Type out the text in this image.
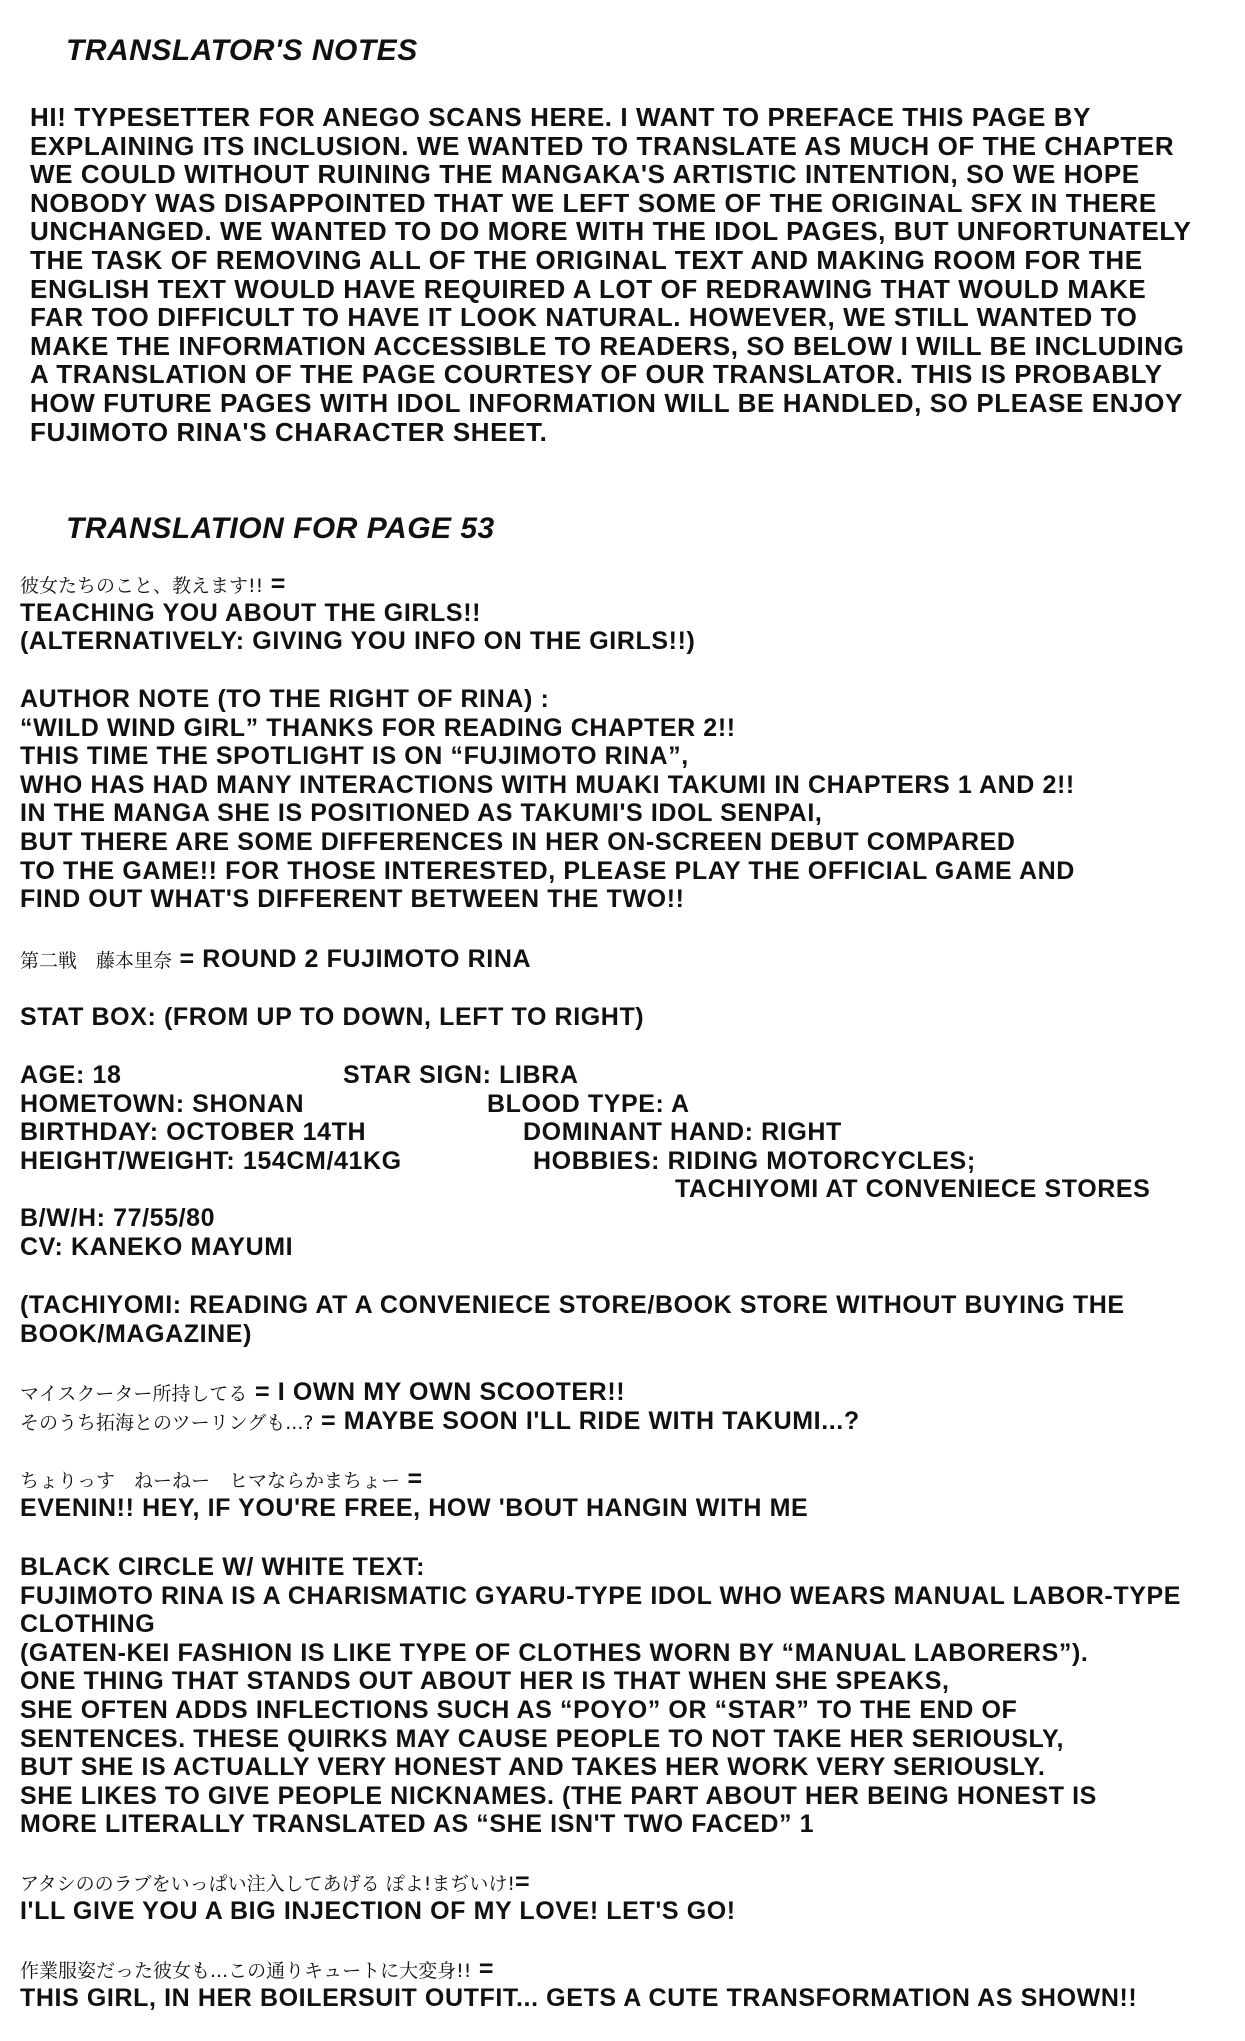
TRANSLATOR'S NOTES
HI! TYPESETTER FOR ANEGO SCANS HERE. I WANT TO PREFACE THIS PAGE BY
EXPLAINING ITS INCLUSION. WE WANTED TO TRANSLATE AS MUCH OF THE CHAPTER
WE COULD WITHOUT RUINING THE MANGAKA'S ARTISTIC INTENTION, SO WE HOPE
NOBODY WAS DISAPPOINTED THAT WE LEFT SOME OF THE ORIGINAL SFX IN THERE
UNCHANGED. WE WANTED TO DO MORE WITH THE IDOL PAGES, BUT UNFORTUNATELY
THE TASK OF REMOVING ALL OF THE ORIGINAL TEXT AND MAKING ROOM FOR THE
ENGLISH TEXT WOULD HAVE REQUIRED A LOT OF REDRAWING THAT WOULD MAKE
FAR TOO DIFFICULT TO HAVE IT LOOK NATURAL. HOWEVER, WE STILL WANTED TO
MAKE THE INFORMATION ACCESSIBLE TO READERS, SO BELOW I WILL BE INCLUDING
A TRANSLATION OF THE PAGE COURTESY OF OUR TRANSLATOR. THIS IS PROBABLY
HOW FUTURE PAGES WITH IDOL INFORMATION WILL BE HANDLED, SO PLEASE ENJOY
FUJIMOTO RINA'S CHARACTER SHEET.
TRANSLATION FOR PAGE 53
彼女たちのこと、教えます!! =
TEACHING YOU ABOUT THE GIRLS!!
(ALTERNATIVELY: GIVING YOU INFO ON THE GIRLS!!)
AUTHOR NOTE (TO THE RIGHT OF RINA) :
“WILD WIND GIRL” THANKS FOR READING CHAPTER 2!!
THIS TIME THE SPOTLIGHT IS ON “FUJIMOTO RINA”,
WHO HAS HAD MANY INTERACTIONS WITH MUAKI TAKUMI IN CHAPTERS 1 AND 2!!
IN THE MANGA SHE IS POSITIONED AS TAKUMI'S IDOL SENPAI,
BUT THERE ARE SOME DIFFERENCES IN HER ON-SCREEN DEBUT COMPARED
TO THE GAME!! FOR THOSE INTERESTED, PLEASE PLAY THE OFFICIAL GAME AND
FIND OUT WHAT'S DIFFERENT BETWEEN THE TWO!!
第二戦　藤本里奈 = ROUND 2 FUJIMOTO RINA
STAT BOX: (FROM UP TO DOWN, LEFT TO RIGHT)
AGE: 18
HOMETOWN: SHONAN
BIRTHDAY: OCTOBER 14TH
HEIGHT/WEIGHT: 154CM/41KG
STAR SIGN: LIBRA
BLOOD TYPE: A
DOMINANT HAND: RIGHT
HOBBIES: RIDING MOTORCYCLES;
TACHIYOMI AT CONVENIECE STORES
B/W/H: 77/55/80
CV: KANEKO MAYUMI
(TACHIYOMI: READING AT A CONVENIECE STORE/BOOK STORE WITHOUT BUYING THE
BOOK/MAGAZINE)
マイスクーター所持してる = I OWN MY OWN SCOOTER!!
そのうち拓海とのツーリングも...? = MAYBE SOON I'LL RIDE WITH TAKUMI...?
ちょりっす　ねーねー　ヒマならかまちょー =
EVENIN!! HEY, IF YOU'RE FREE, HOW 'BOUT HANGIN WITH ME
BLACK CIRCLE W/ WHITE TEXT:
FUJIMOTO RINA IS A CHARISMATIC GYARU-TYPE IDOL WHO WEARS MANUAL LABOR-TYPE
CLOTHING
(GATEN-KEI FASHION IS LIKE TYPE OF CLOTHES WORN BY “MANUAL LABORERS”).
ONE THING THAT STANDS OUT ABOUT HER IS THAT WHEN SHE SPEAKS,
SHE OFTEN ADDS INFLECTIONS SUCH AS “POYO” OR “STAR” TO THE END OF
SENTENCES. THESE QUIRKS MAY CAUSE PEOPLE TO NOT TAKE HER SERIOUSLY,
BUT SHE IS ACTUALLY VERY HONEST AND TAKES HER WORK VERY SERIOUSLY.
SHE LIKES TO GIVE PEOPLE NICKNAMES. (THE PART ABOUT HER BEING HONEST IS
MORE LITERALLY TRANSLATED AS “SHE ISN'T TWO FACED” 1
アタシののラブをいっぱい注入してあげる ぽよ!まぢいけ!=
I'LL GIVE YOU A BIG INJECTION OF MY LOVE! LET'S GO!
作業服姿だった彼女も...この通りキュートに大変身!! =
THIS GIRL, IN HER BOILERSUIT OUTFIT... GETS A CUTE TRANSFORMATION AS SHOWN!!
